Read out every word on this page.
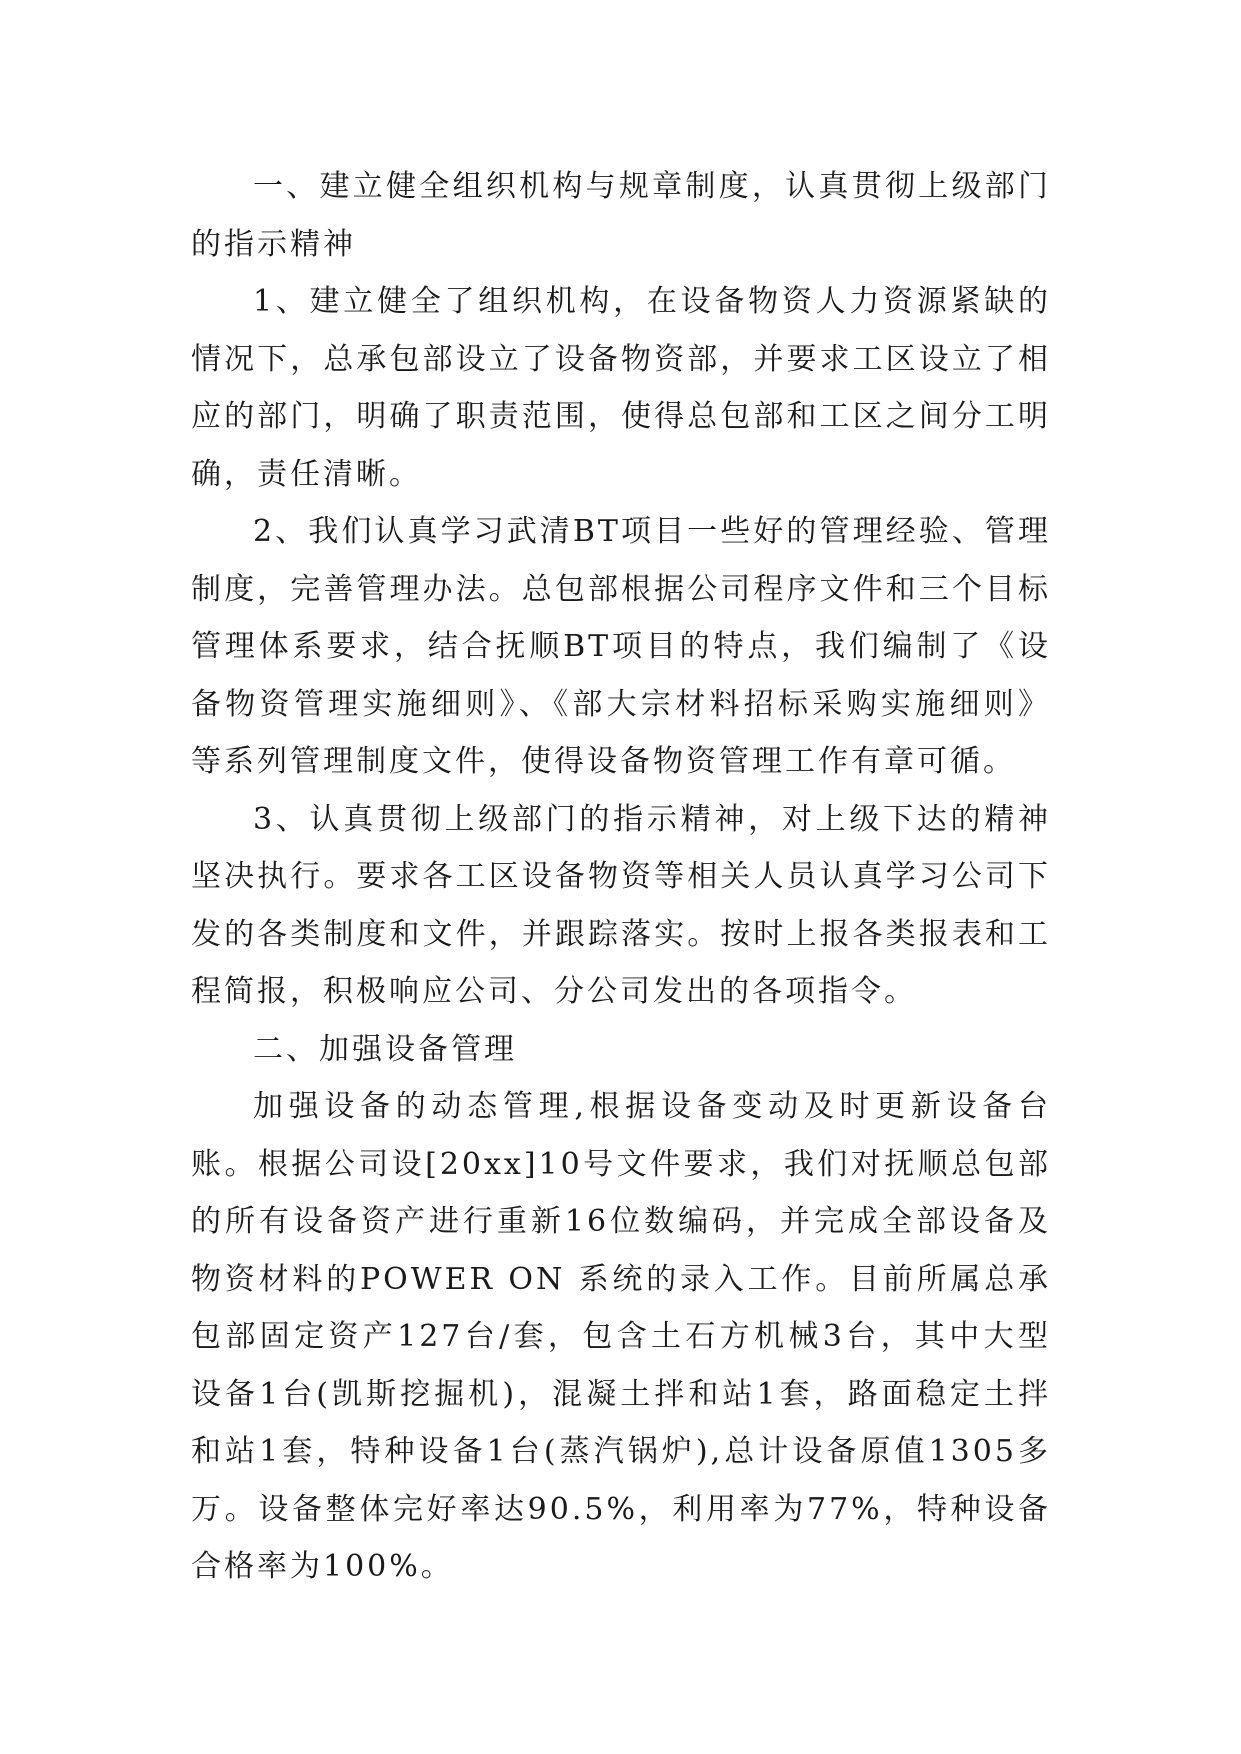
一、建立健全组织机构与规章制度，认真贯彻上级部门的指示精神

1、建立健全了组织机构，在设备物资人力资源紧缺的情况下，总承包部设立了设备物资部，并要求工区设立了相应的部门，明确了职责范围，使得总包部和工区之间分工明确，责任清晰。

2、我们认真学习武清BT项目一些好的管理经验、管理制度，完善管理办法。总包部根据公司程序文件和三个目标管理体系要求，结合抚顺BT项目的特点，我们编制了《设备物资管理实施细则》、《部大宗材料招标采购实施细则》等系列管理制度文件，使得设备物资管理工作有章可循。

3、认真贯彻上级部门的指示精神，对上级下达的精神坚决执行。要求各工区设备物资等相关人员认真学习公司下发的各类制度和文件，并跟踪落实。按时上报各类报表和工程简报，积极响应公司、分公司发出的各项指令。

二、加强设备管理

加强设备的动态管理,根据设备变动及时更新设备台账。根据公司设[20xx]10号文件要求，我们对抚顺总包部的所有设备资产进行重新16位数编码，并完成全部设备及物资材料的POWER ON 系统的录入工作。目前所属总承包部固定资产127台/套，包含土石方机械3台，其中大型设备1台(凯斯挖掘机)，混凝土拌和站1套，路面稳定土拌和站1套，特种设备1台(蒸汽锅炉),总计设备原值1305多万。设备整体完好率达90.5%，利用率为77%，特种设备合格率为100%。
